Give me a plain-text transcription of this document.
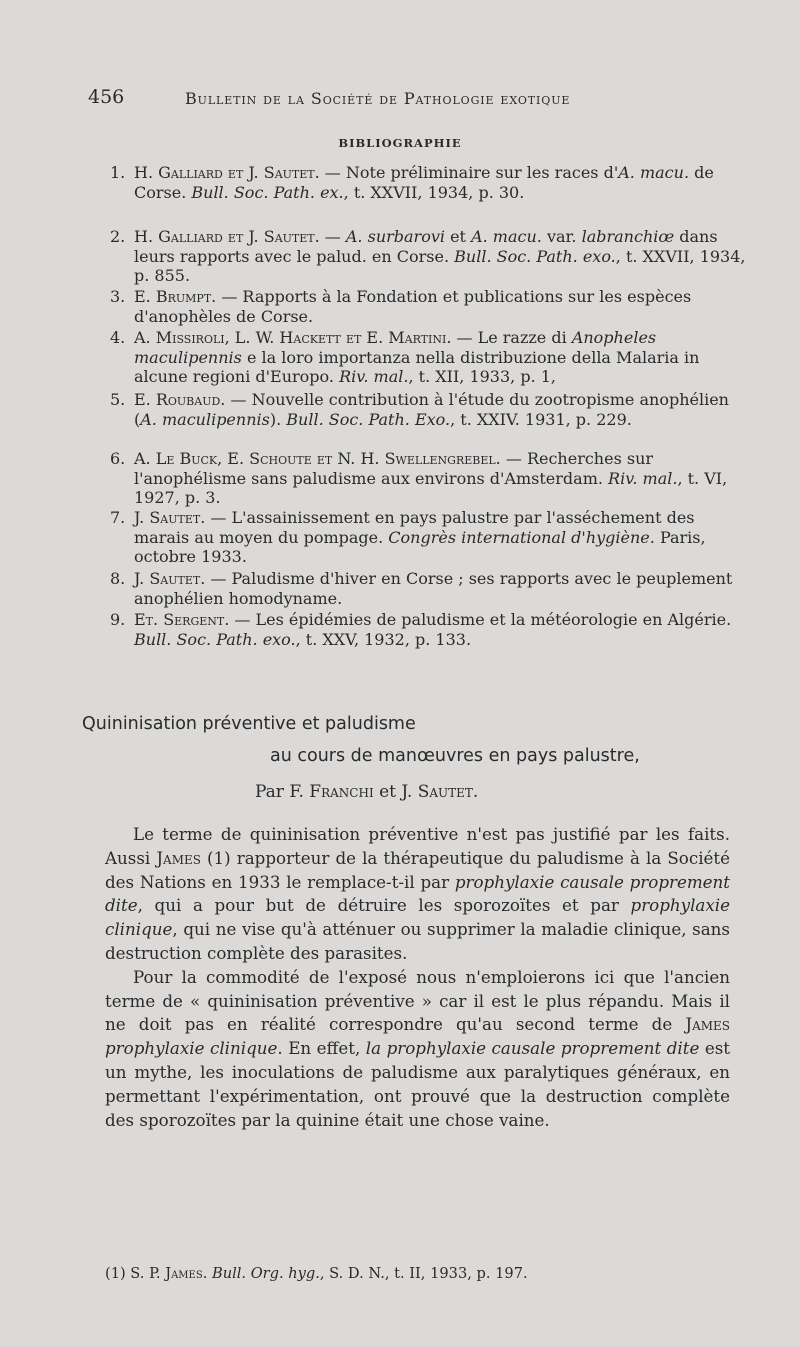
456	Bulletin de la Société de Pathologie exotique
BIBLIOGRAPHIE
1. H. Galliard et J. Sautet. — Note préliminaire sur les races d'A. macu. de Corse. Bull. Soc. Path. ex., t. XXVII, 1934, p. 30.
2. H. Galliard et J. Sautet. — A. surbarovi et A. macu. var. labranchiœ dans leurs rapports avec le palud. en Corse. Bull. Soc. Path. exo., t. XXVII, 1934, p. 855.
3. E. Brumpt. — Rapports à la Fondation et publications sur les espèces d'anophèles de Corse.
4. A. Missiroli, L. W. Hackett et E. Martini. — Le razze di Anopheles maculipennis e la loro importanza nella distribuzione della Malaria in alcune regioni d'Europo. Riv. mal., t. XII, 1933, p. 1,
5. E. Roubaud. — Nouvelle contribution à l'étude du zootropisme anophélien (A. maculipennis). Bull. Soc. Path. Exo., t. XXIV. 1931, p. 229.
6. A. Le Buck, E. Schoute et N. H. Swellengrebel. — Recherches sur l'anophélisme sans paludisme aux environs d'Amsterdam. Riv. mal., t. VI, 1927, p. 3.
7. J. Sautet. — L'assainissement en pays palustre par l'asséchement des marais au moyen du pompage. Congrès international d'hygiène. Paris, octobre 1933.
8. J. Sautet. — Paludisme d'hiver en Corse ; ses rapports avec le peuplement anophélien homodyname.
9. Et. Sergent. — Les épidémies de paludisme et la météorologie en Algérie. Bull. Soc. Path. exo., t. XXV, 1932, p. 133.
Quininisation préventive et paludisme
au cours de manœuvres en pays palustre,
Par F. Franchi et J. Sautet.

Le terme de quininisation préventive n'est pas justifié par les faits. Aussi James (1) rapporteur de la thérapeutique du paludisme à la Société des Nations en 1933 le remplace-t-il par prophylaxie causale proprement dite, qui a pour but de détruire les sporozoïtes et par prophylaxie clinique, qui ne vise qu'à atténuer ou supprimer la maladie clinique, sans destruction complète des parasites.

Pour la commodité de l'exposé nous n'emploierons ici que l'ancien terme de « quininisation préventive » car il est le plus répandu. Mais il ne doit pas en réalité correspondre qu'au second terme de James prophylaxie clinique. En effet, la prophylaxie causale proprement dite est un mythe, les inoculations de paludisme aux paralytiques généraux, en permettant l'expérimentation, ont prouvé que la destruction complète des sporozoïtes par la quinine était une chose vaine.

(1) S. P. James. Bull. Org. hyg., S. D. N., t. II, 1933, p. 197.
